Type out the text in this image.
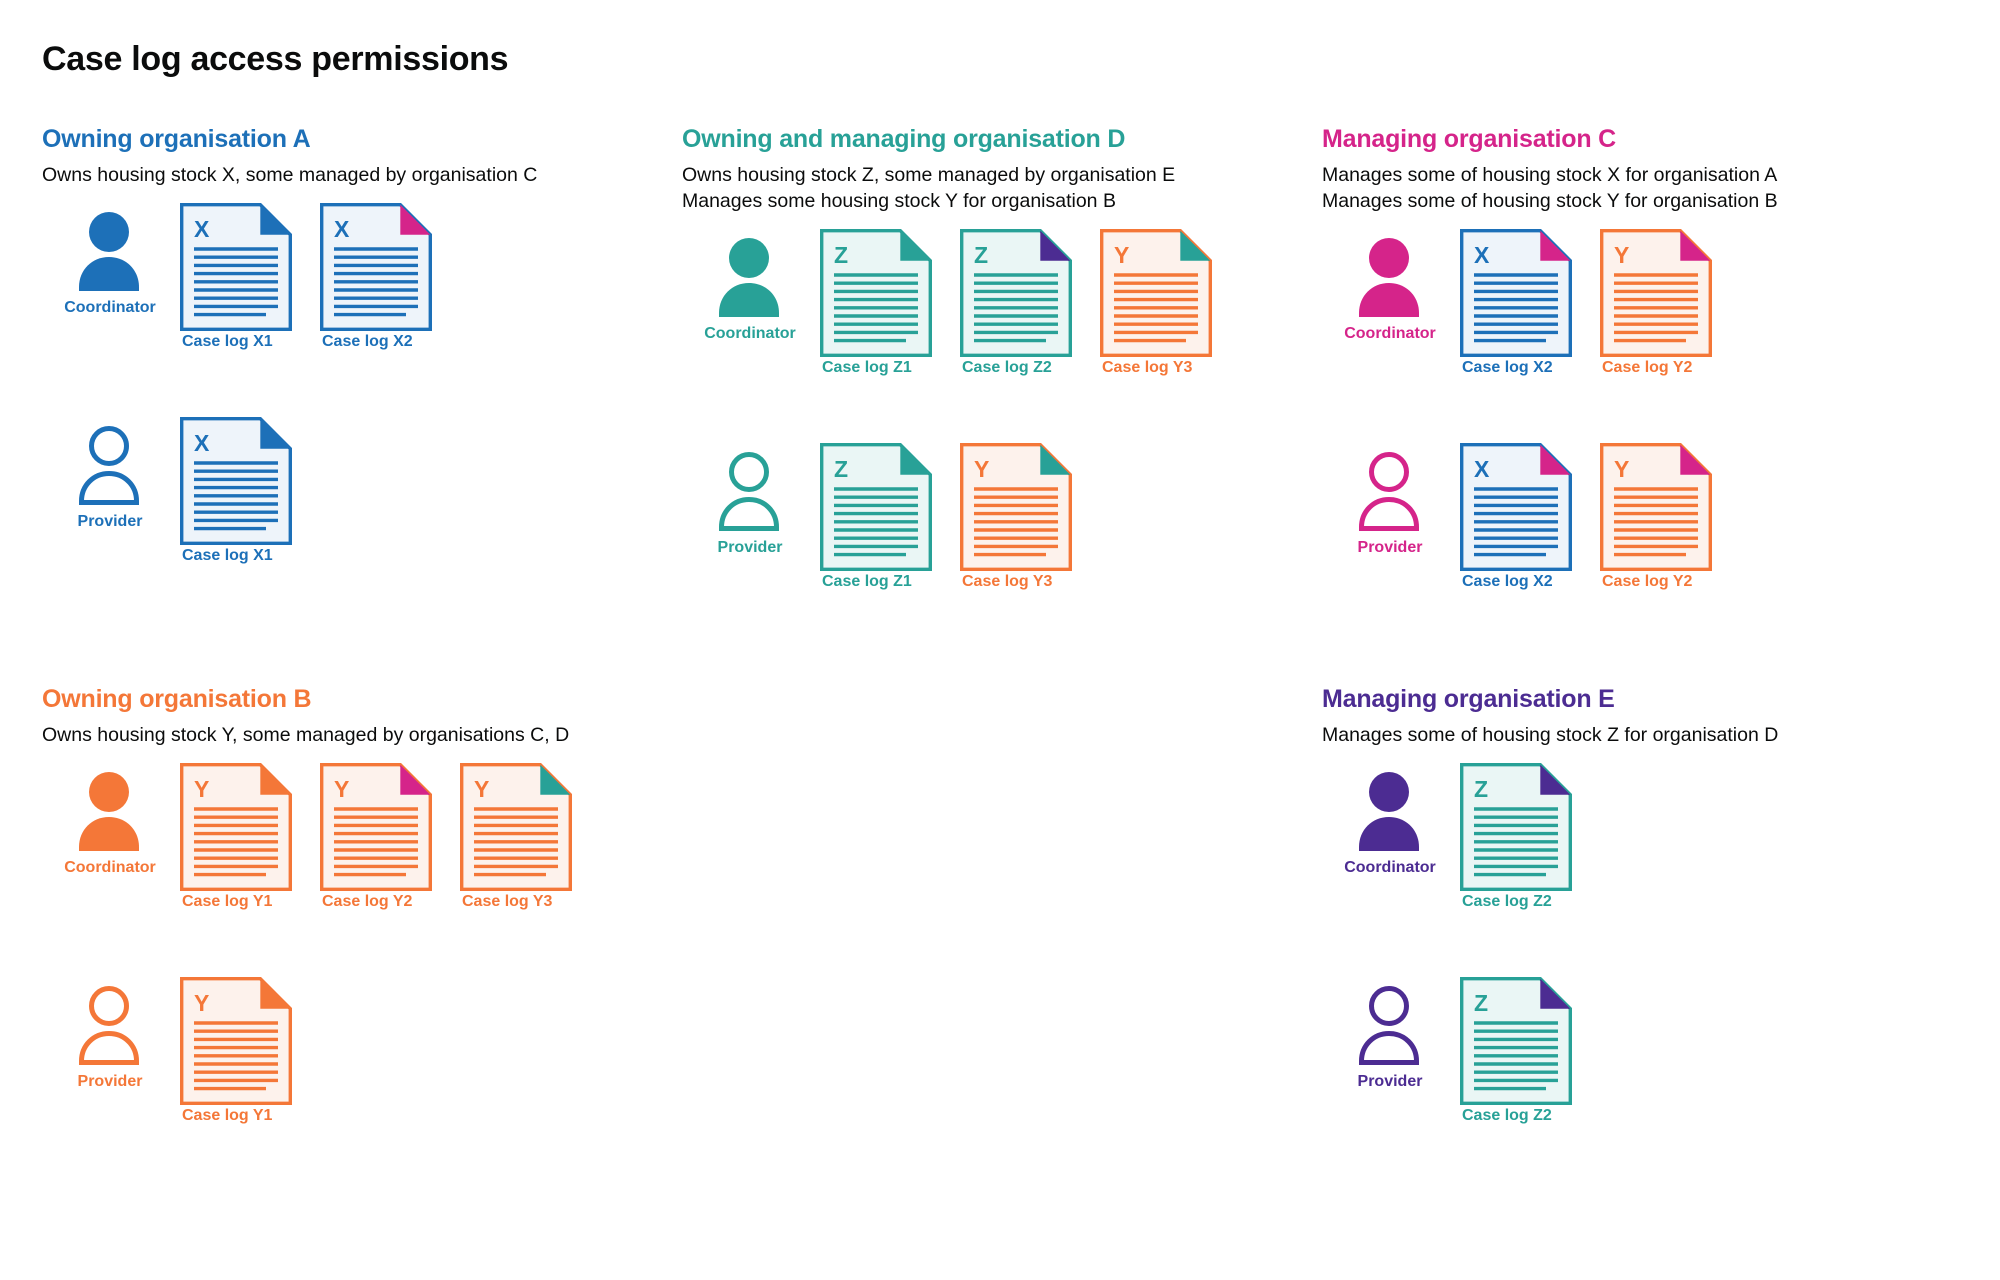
Case log access permissions
Owning organisation A
Owns housing stock X, some managed by organisation C
Coordinator
X
Case log X1
X
Case log X2
Provider
X
Case log X1
Owning and managing organisation D
Owns housing stock Z, some managed by organisation E
Manages some housing stock Y for organisation B
Coordinator
Z
Case log Z1
Z
Case log Z2
Y
Case log Y3
Provider
Z
Case log Z1
Y
Case log Y3
Managing organisation C
Manages some of housing stock X for organisation A
Manages some of housing stock Y for organisation B
Coordinator
X
Case log X2
Y
Case log Y2
Provider
X
Case log X2
Y
Case log Y2
Owning organisation B
Owns housing stock Y, some managed by organisations C, D
Coordinator
Y
Case log Y1
Y
Case log Y2
Y
Case log Y3
Provider
Y
Case log Y1
Managing organisation E
Manages some of housing stock Z for organisation D
Coordinator
Z
Case log Z2
Provider
Z
Case log Z2
